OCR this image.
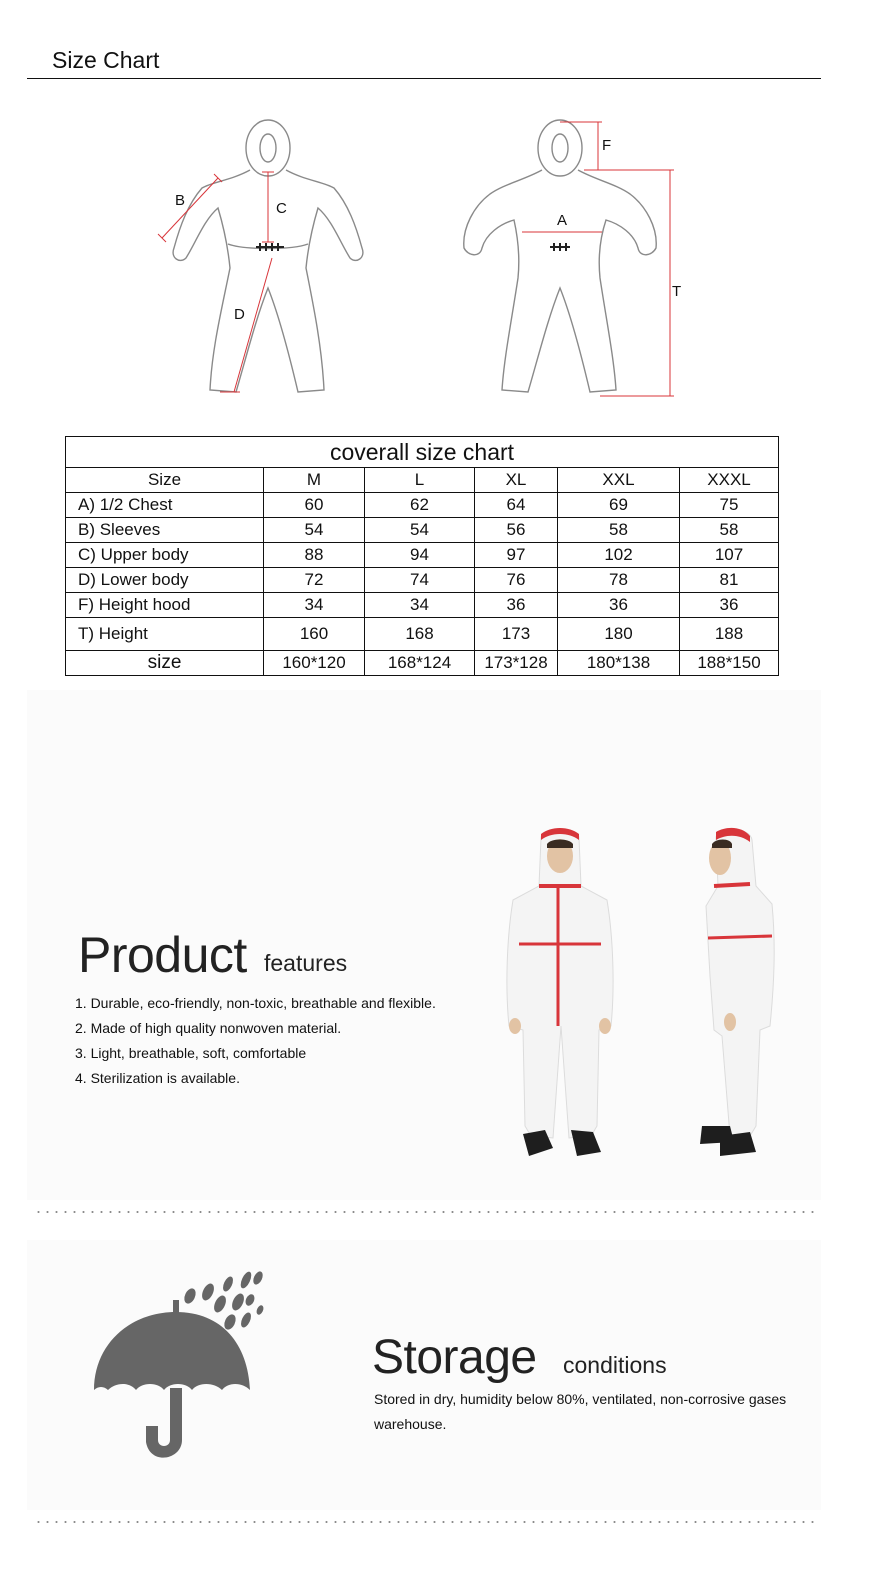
Size Chart
B	C
D
A
F
T
coverall size chart					
Size	M	L	XL	XXL	XXXL
A) 1/2 Chest	60	62	64	69	75
B) Sleeves	54	54	56	58	58
C) Upper body	88	94	97	102	107
D) Lower body	72	74	76	78	81
F) Height hood	34	34	36	36	36
T) Height	160	168	173	180	188
size	160*120	168*124	173*128	180*138	188*150
Product features
1. Durable, eco-friendly, non-toxic, breathable and flexible.
2. Made of high quality nonwoven material.
3. Light, breathable, soft, comfortable
4. Sterilization is available.
Storage conditions

Stored in dry, humidity below 80%, ventilated, non-corrosive gases warehouse.
